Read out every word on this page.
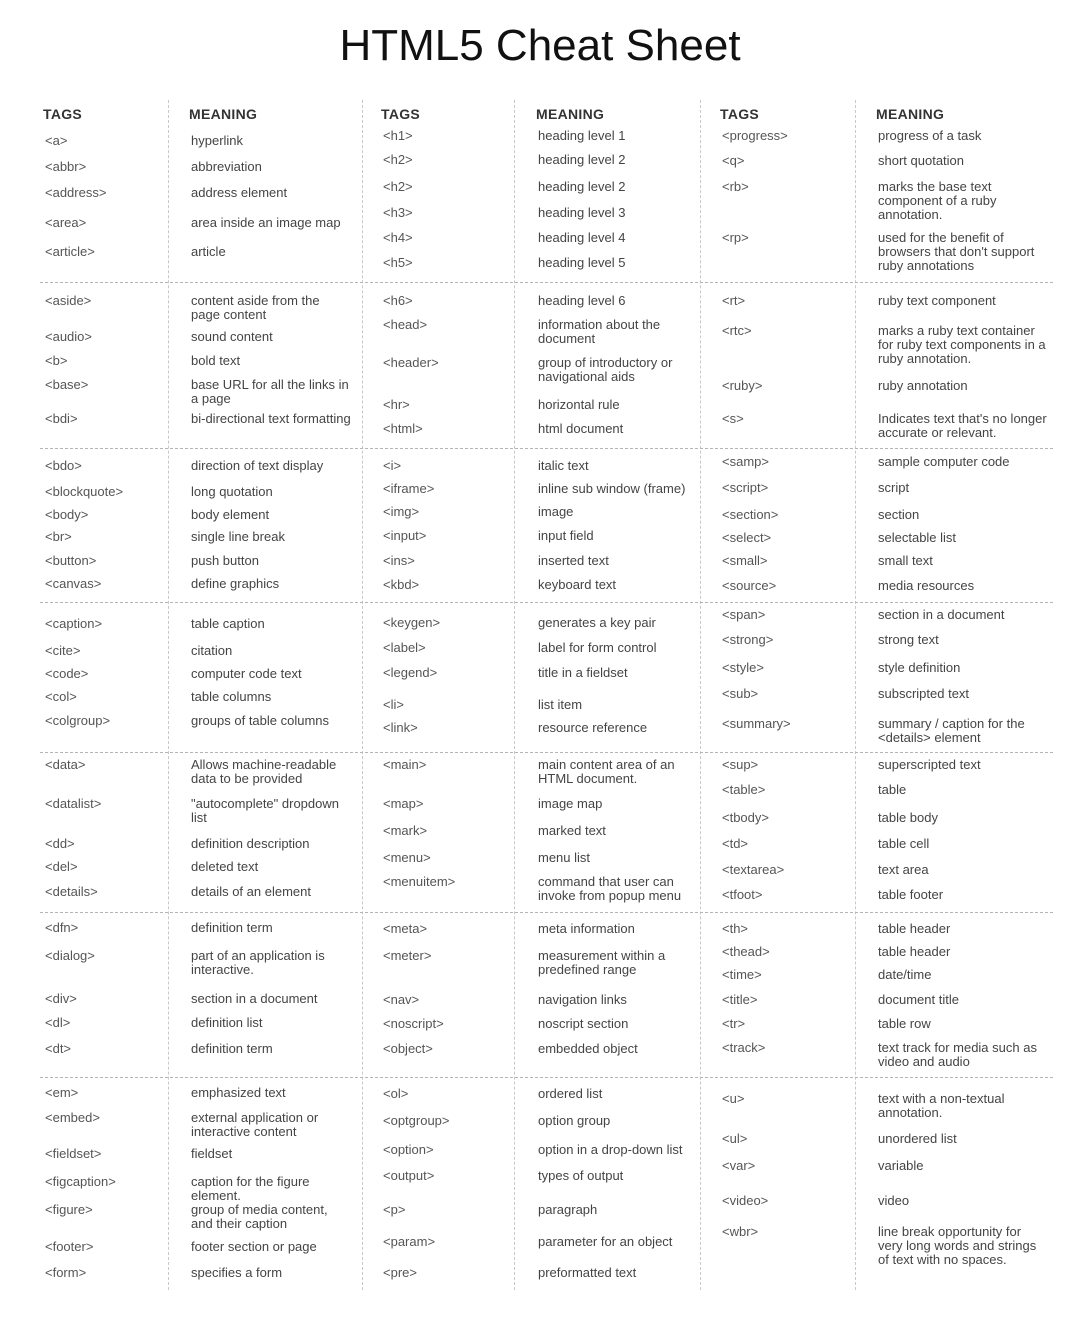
HTML5 Cheat Sheet
TAGS	MEANING	TAGS	MEANING	TAGS	MEANING
<a>	hyperlink
<abbr>	abbreviation
<address>	address element
<area>	area inside an image map
<article>	article
<aside>	content aside from the page content
<audio>	sound content
<b>	bold text
<base>	base URL for all the links in a page
<bdi>	bi-directional text formatting
<bdo>	direction of text display
<blockquote>	long quotation
<body>	body element
<br>	single line break
<button>	push button
<canvas>	define graphics
<caption>	table caption
<cite>	citation
<code>	computer code text
<col>	table columns
<colgroup>	groups of table columns
<data>	Allows machine-readable data to be provided
<datalist>	"autocomplete" dropdown list
<dd>	definition description
<del>	deleted text
<details>	details of an element
<dfn>	definition term
<dialog>	part of an application is interactive.
<div>	section in a document
<dl>	definition list
<dt>	definition term
<em>	emphasized text
<embed>	external application or interactive content
<fieldset>	fieldset
<figcaption>	caption for the figure element.
<figure>	group of media content, and their caption
<footer>	footer section or page
<form>	specifies a form
<h1>	heading level 1
<h2>	heading level 2
<h2>	heading level 2
<h3>	heading level 3
<h4>	heading level 4
<h5>	heading level 5
<h6>	heading level 6
<head>	information about the document
<header>	group of introductory or navigational aids
<hr>	horizontal rule
<html>	html document
<i>	italic text
<iframe>	inline sub window (frame)
<img>	image
<input>	input field
<ins>	inserted text
<kbd>	keyboard text
<keygen>	generates a key pair
<label>	label for form control
<legend>	title in a fieldset
<li>	list item
<link>	resource reference
<main>	main content area of an HTML document.
<map>	image map
<mark>	marked text
<menu>	menu list
<menuitem>	command that user can invoke from popup menu
<meta>	meta information
<meter>	measurement within a predefined range
<nav>	navigation links
<noscript>	noscript section
<object>	embedded object
<ol>	ordered list
<optgroup>	option group
<option>	option in a drop-down list
<output>	types of output
<p>	paragraph
<param>	parameter for an object
<pre>	preformatted text
<progress>	progress of a task
<q>	short quotation
<rb>	marks the base text component of a ruby annotation.
<rp>	used for the benefit of browsers that don't support ruby annotations
<rt>	ruby text component
<rtc>	marks a ruby text container for ruby text components in a ruby annotation.
<ruby>	ruby annotation
<s>	Indicates text that's no longer accurate or relevant.
<samp>	sample computer code
<script>	script
<section>	section
<select>	selectable list
<small>	small text
<source>	media resources
<span>	section in a document
<strong>	strong text
<style>	style definition
<sub>	subscripted text
<summary>	summary / caption for the <details> element
<sup>	superscripted text
<table>	table
<tbody>	table body
<td>	table cell
<textarea>	text area
<tfoot>	table footer
<th>	table header
<thead>	table header
<time>	date/time
<title>	document title
<tr>	table row
<track>	text track for media such as video and audio
<u>	text with a non-textual annotation.
<ul>	unordered list
<var>	variable
<video>	video
<wbr>	line break opportunity for very long words and strings of text with no spaces.
